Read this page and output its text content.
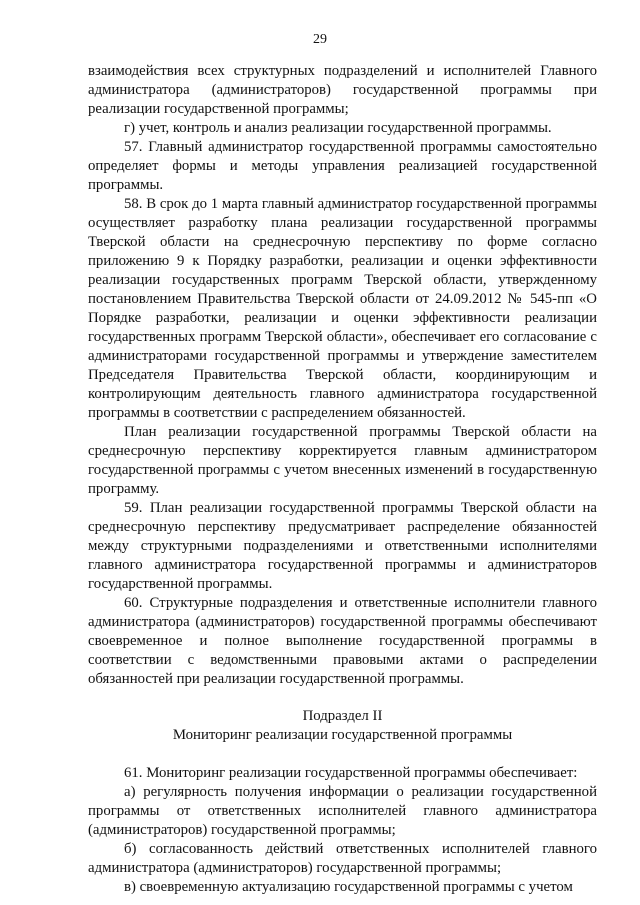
29

взаимодействия всех структурных подразделений и исполнителей Главного администратора (администраторов) государственной программы при реализации государственной программы;

г) учет, контроль и анализ реализации государственной программы.

57. Главный администратор государственной программы самостоятельно определяет формы и методы управления реализацией государственной программы.

58. В срок до 1 марта главный администратор государственной программы осуществляет разработку плана реализации государственной программы Тверской области на среднесрочную перспективу по форме согласно приложению 9 к Порядку разработки, реализации и оценки эффективности реализации государственных программ Тверской области, утвержденному постановлением Правительства Тверской области от 24.09.2012 № 545-пп «О Порядке разработки, реализации и оценки эффективности реализации государственных программ Тверской области», обеспечивает его согласование с администраторами государственной программы и утверждение заместителем Председателя Правительства Тверской области, координирующим и контролирующим деятельность главного администратора государственной программы в соответствии с распределением обязанностей.

План реализации государственной программы Тверской области на среднесрочную перспективу корректируется главным администратором государственной программы с учетом внесенных изменений в государственную программу.

59. План реализации государственной программы Тверской области на среднесрочную перспективу предусматривает распределение обязанностей между структурными подразделениями и ответственными исполнителями главного администратора государственной программы и администраторов государственной программы.

60. Структурные подразделения и ответственные исполнители главного администратора (администраторов) государственной программы обеспечивают своевременное и полное выполнение государственной программы в соответствии с ведомственными правовыми актами о распределении обязанностей при реализации государственной программы.

Подраздел II

Мониторинг реализации государственной программы

61. Мониторинг реализации государственной программы обеспечивает:

а) регулярность получения информации о реализации государственной программы от ответственных исполнителей главного администратора (администраторов) государственной программы;

б) согласованность действий ответственных исполнителей главного администратора (администраторов) государственной программы;

в) своевременную актуализацию государственной программы с учетом
